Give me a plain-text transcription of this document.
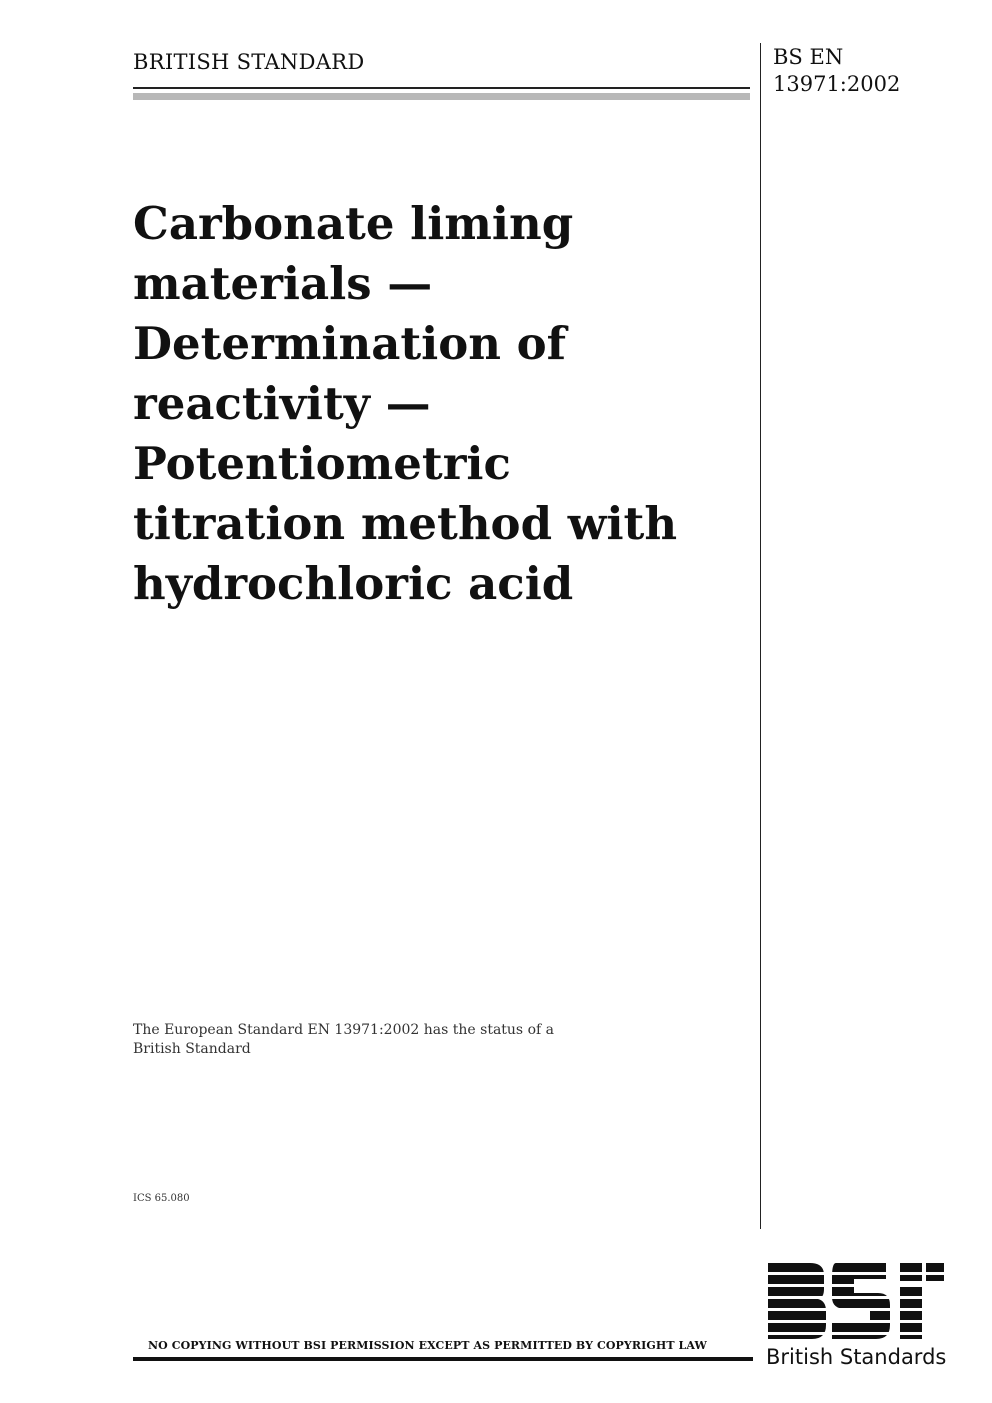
BRITISH STANDARD	BS EN
13971:2002
Carbonate liming
materials —
Determination of
reactivity —
Potentiometric
titration method with
hydrochloric acid
The European Standard EN 13971:2002 has the status of a
British Standard
ICS 65.080
British Standards
NO COPYING WITHOUT BSI PERMISSION EXCEPT AS PERMITTED BY COPYRIGHT LAW
